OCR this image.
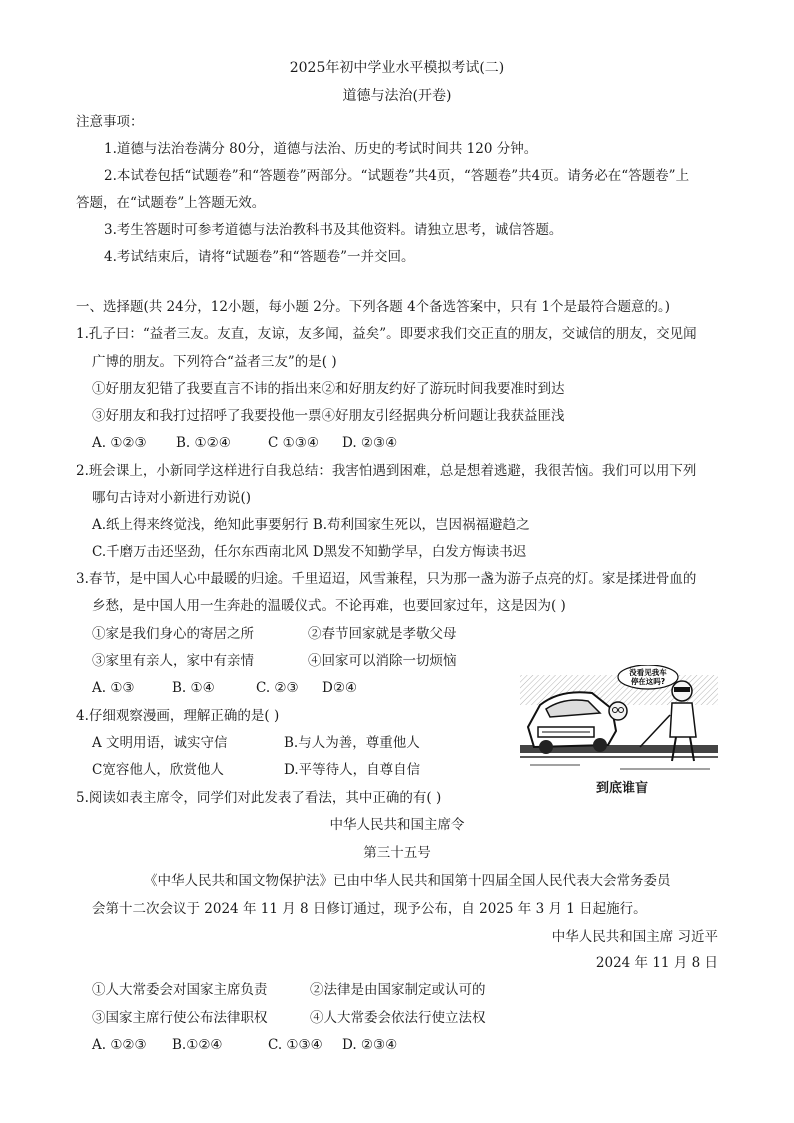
2025年初中学业水平模拟考试(二)
道德与法治(开卷)
注意事项：
1.道德与法治卷满分 80分，道德与法治、历史的考试时间共 120 分钟。
2.本试卷包括“试题卷”和“答题卷”两部分。“试题卷”共4页，“答题卷”共4页。请务必在“答题卷”上
答题，在“试题卷”上答题无效。
3.考生答题时可参考道德与法治教科书及其他资料。请独立思考，诚信答题。
4.考试结束后，请将“试题卷”和“答题卷”一并交回。
一、选择题(共 24分，12小题，每小题 2分。下列各题 4个备选答案中，只有 1个是最符合题意的。)
1.孔子曰：“益者三友。友直，友谅，友多闻，益矣”。即要求我们交正直的朋友，交诚信的朋友，交见闻
广博的朋友。下列符合“益者三友”的是( )
①好朋友犯错了我要直言不讳的指出来②和好朋友约好了游玩时间我要准时到达
③好朋友和我打过招呼了我要投他一票④好朋友引经据典分析问题让我获益匪浅
A. ①②③ B. ①②④	C ①③④ D. ②③④
2.班会课上，小新同学这样进行自我总结：我害怕遇到困难，总是想着逃避，我很苦恼。我们可以用下列
哪句古诗对小新进行劝说()
A.纸上得来终觉浅，绝知此事要躬行 B.苟利国家生死以，岂因祸福避趋之
C.千磨万击还坚劲，任尔东西南北风 D黑发不知勤学早，白发方悔读书迟
3.春节，是中国人心中最暖的归途。千里迢迢，风雪兼程，只为那一盏为游子点亮的灯。家是揉进骨血的
乡愁，是中国人用一生奔赴的温暖仪式。不论再难，也要回家过年，这是因为( )
①家是我们身心的寄居之所	②春节回家就是孝敬父母
③家里有亲人，家中有亲情	④回家可以消除一切烦恼
A. ①③	B. ①④	C. ②③ D②④
4.仔细观察漫画，理解正确的是( )
A 文明用语，诚实守信	B.与人为善，尊重他人
C宽容他人，欣赏他人	D.平等待人，自尊自信
没看见我车
停在这吗?
到底谁盲
5.阅读如表主席令，同学们对此发表了看法，其中正确的有( )
中华人民共和国主席令
第三十五号
《中华人民共和国文物保护法》已由中华人民共和国第十四届全国人民代表大会常务委员
会第十二次会议于 2024 年 11 月 8 日修订通过，现予公布，自 2025 年 3 月 1 日起施行。
中华人民共和国主席 习近平
2024 年 11 月 8 日
①人大常委会对国家主席负责	②法律是由国家制定或认可的
③国家主席行使公布法律职权	④人大常委会依法行使立法权
A. ①②③ B.①②④	C. ①③④ D. ②③④
